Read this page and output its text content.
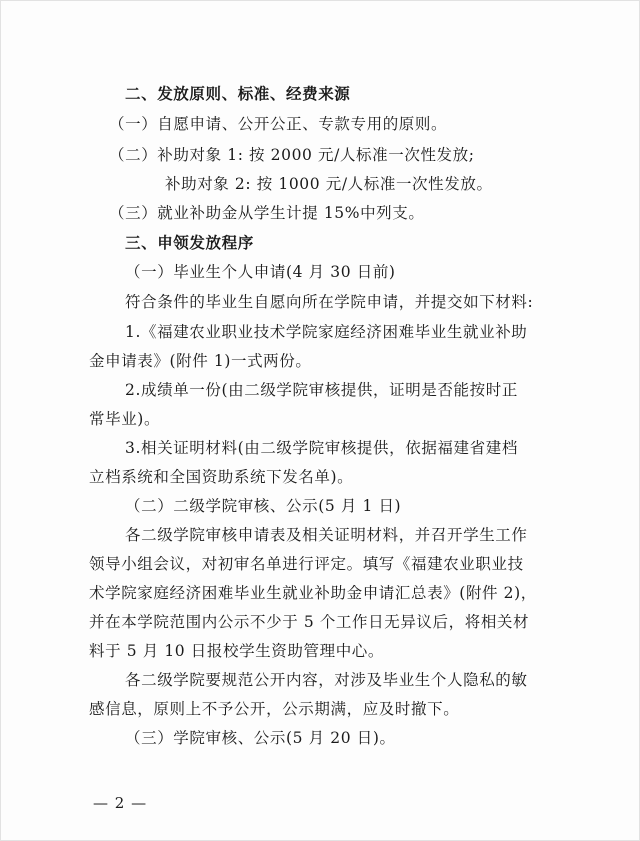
二、发放原则、标准、经费来源
（一）自愿申请、公开公正、专款专用的原则。
（二）补助对象 1: 按 2000 元/人标准一次性发放;
补助对象 2: 按 1000 元/人标准一次性发放。
（三）就业补助金从学生计提 15%中列支。
三、申领发放程序
（一）毕业生个人申请(4 月 30 日前)
符合条件的毕业生自愿向所在学院申请，并提交如下材料:
1.《福建农业职业技术学院家庭经济困难毕业生就业补助
金申请表》(附件 1)一式两份。
2.成绩单一份(由二级学院审核提供，证明是否能按时正
常毕业)。
3.相关证明材料(由二级学院审核提供，依据福建省建档
立档系统和全国资助系统下发名单)。
（二）二级学院审核、公示(5 月 1 日)
各二级学院审核申请表及相关证明材料，并召开学生工作
领导小组会议，对初审名单进行评定。填写《福建农业职业技
术学院家庭经济困难毕业生就业补助金申请汇总表》(附件 2)，
并在本学院范围内公示不少于 5 个工作日无异议后，将相关材
料于 5 月 10 日报校学生资助管理中心。
各二级学院要规范公开内容，对涉及毕业生个人隐私的敏
感信息，原则上不予公开，公示期满，应及时撤下。
（三）学院审核、公示(5 月 20 日)。
— 2 —
